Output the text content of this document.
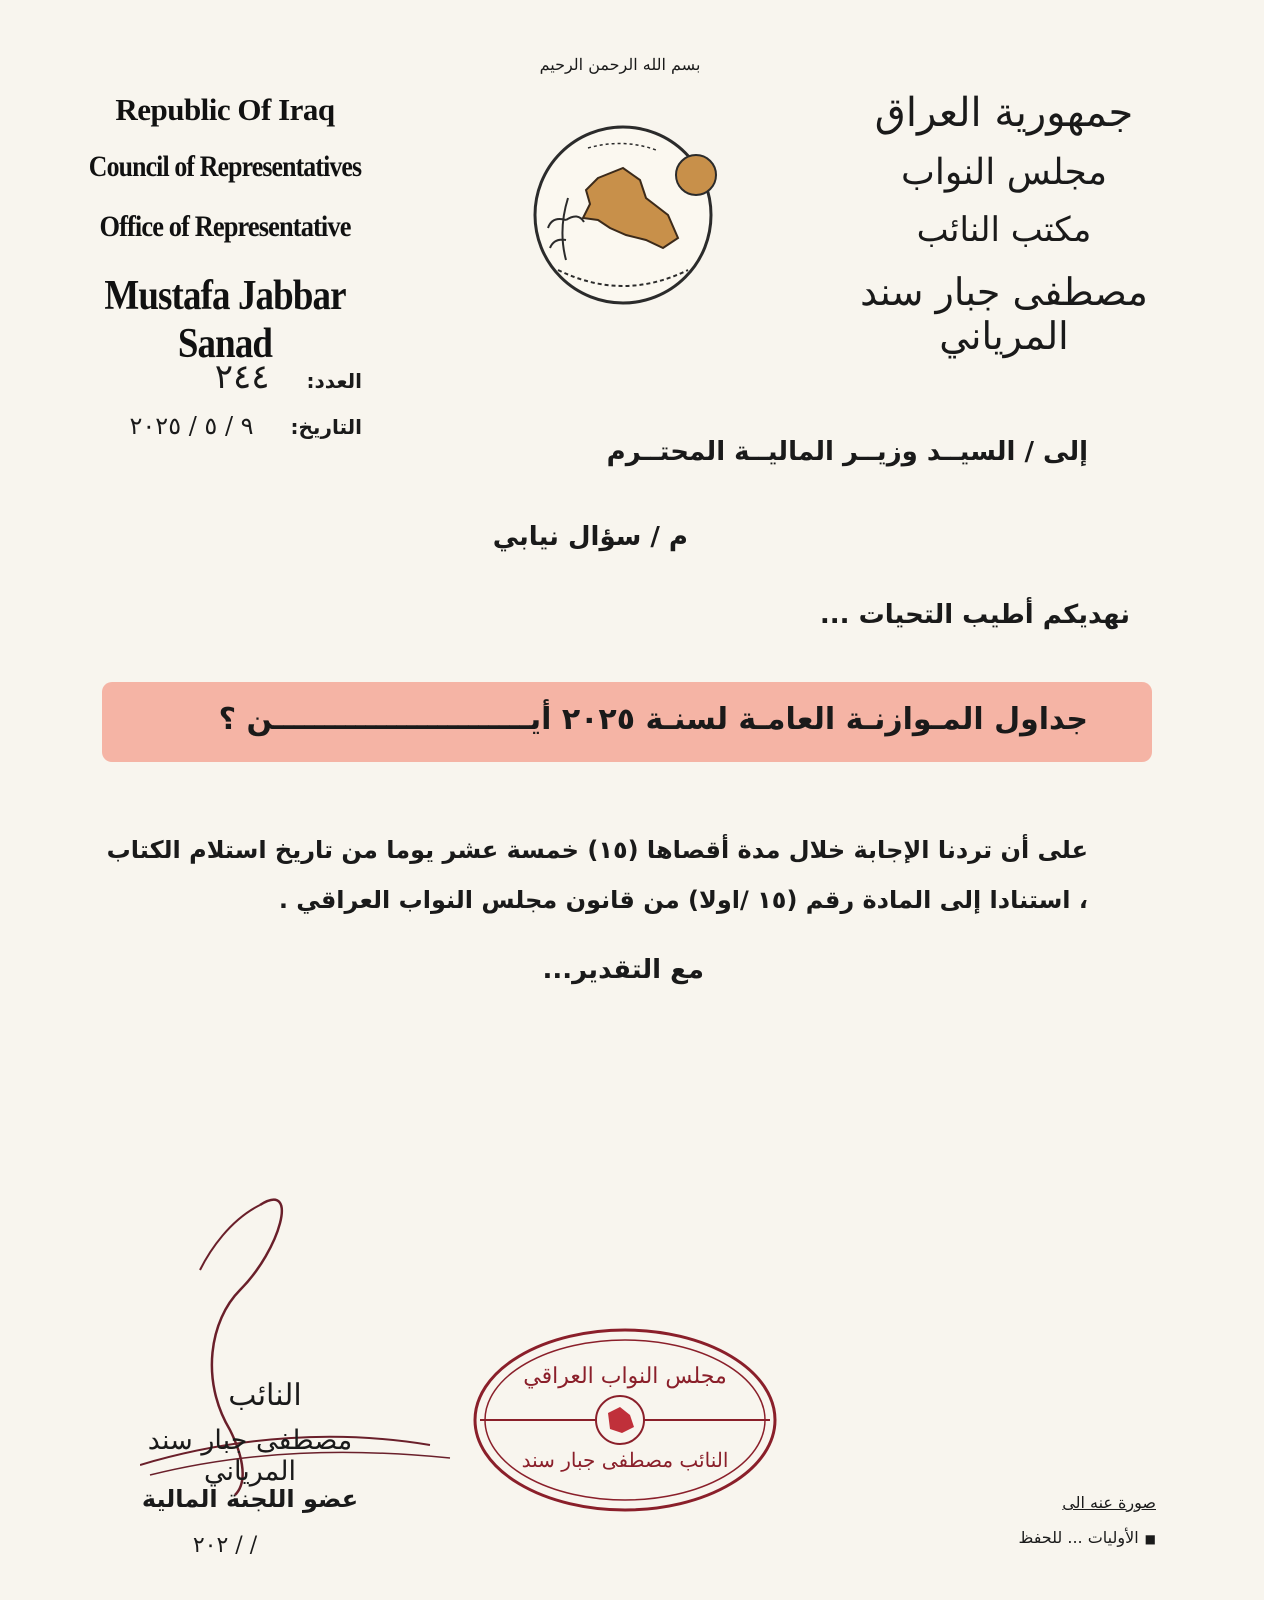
Republic Of Iraq
Council of Representatives
Office of Representative
Mustafa Jabbar Sanad
جمهورية العراق
مجلس النواب
مكتب النائب
مصطفى جبار سند المرياني
بسم الله الرحمن الرحيم
العدد: ٢٤٤
التاريخ: ٩ / ٥ / ٢٠٢٥
إلى / السيــد وزيــر الماليــة المحتــرم
م / سؤال نيابي
نهديكم أطيب التحيات ...
جداول المـوازنـة العامـة لسنـة ٢٠٢٥ أيـــــــــــــــــــــــــن ؟
على أن تردنا الإجابة خلال مدة أقصاها (١٥) خمسة عشر يوما من تاريخ استلام الكتاب
، استنادا إلى المادة رقم (١٥ /اولا) من قانون مجلس النواب العراقي .
مع التقدير...
النائب
مصطفى جبار سند المرياني
عضو اللجنة المالية
/ / ٢٠٢
مجلس النواب العراقي
النائب مصطفى جبار سند
صورة عنه الى
■الأوليات ... للحفظ
